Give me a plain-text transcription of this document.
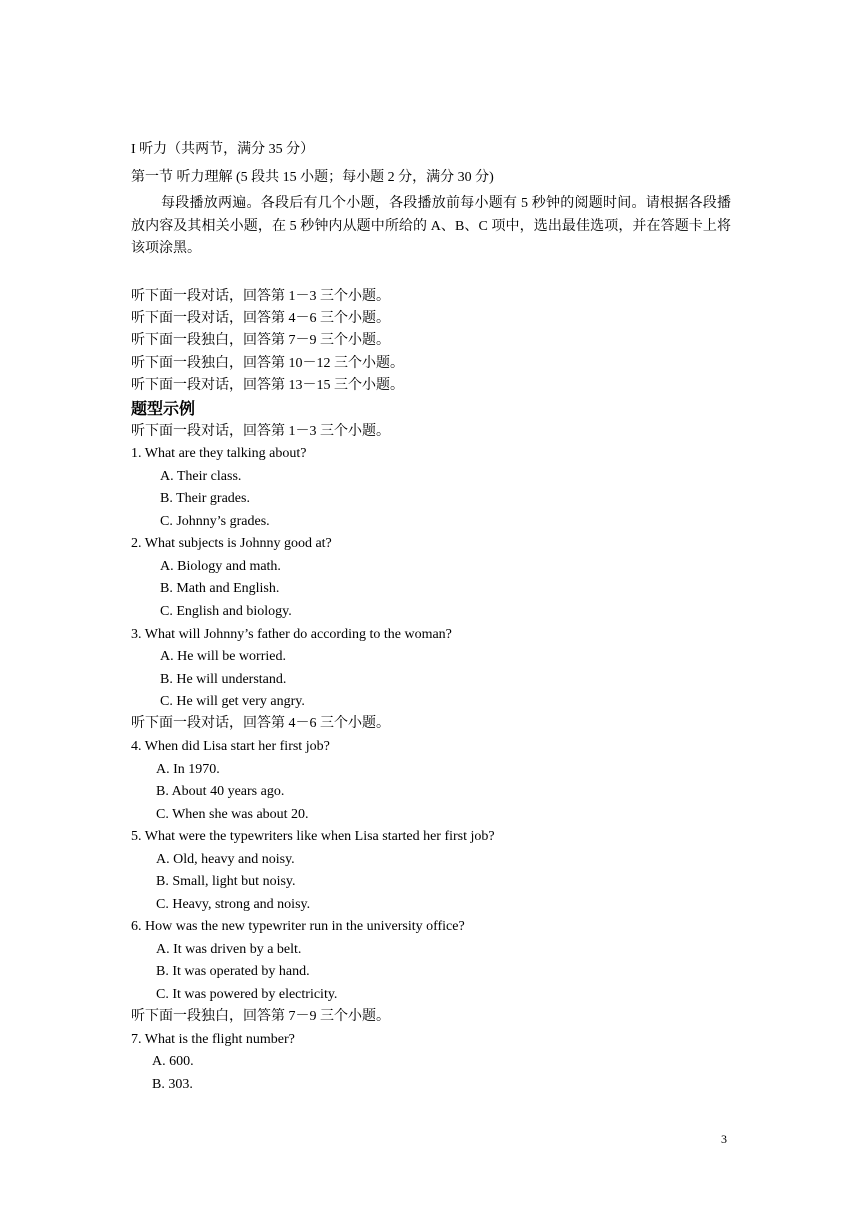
I 听力（共两节，满分 35 分）
第一节 听力理解 (5 段共 15 小题；每小题 2 分，满分 30 分)
每段播放两遍。各段后有几个小题，各段播放前每小题有 5 秒钟的阅题时间。请根据各段播放内容及其相关小题，在 5 秒钟内从题中所给的 A、B、C 项中，选出最佳选项，并在答题卡上将该项涂黑。
听下面一段对话，回答第 1－3 三个小题。
听下面一段对话，回答第 4－6 三个小题。
听下面一段独白，回答第 7－9 三个小题。
听下面一段独白，回答第 10－12 三个小题。
听下面一段对话，回答第 13－15 三个小题。
题型示例
听下面一段对话，回答第 1－3 三个小题。
1. What are they talking about?
A. Their class.
B. Their grades.
C. Johnny’s grades.
2. What subjects is Johnny good at?
A. Biology and math.
B. Math and English.
C. English and biology.
3. What will Johnny’s father do according to the woman?
A. He will be worried.
B. He will understand.
C. He will get very angry.
听下面一段对话，回答第 4－6 三个小题。
4. When did Lisa start her first job?
A. In 1970.
B. About 40 years ago.
C. When she was about 20.
5. What were the typewriters like when Lisa started her first job?
A. Old, heavy and noisy.
B. Small, light but noisy.
C. Heavy, strong and noisy.
6. How was the new typewriter run in the university office?
A. It was driven by a belt.
B. It was operated by hand.
C. It was powered by electricity.
听下面一段独白，回答第 7－9 三个小题。
7. What is the flight number?
A. 600.
B. 303.
3
